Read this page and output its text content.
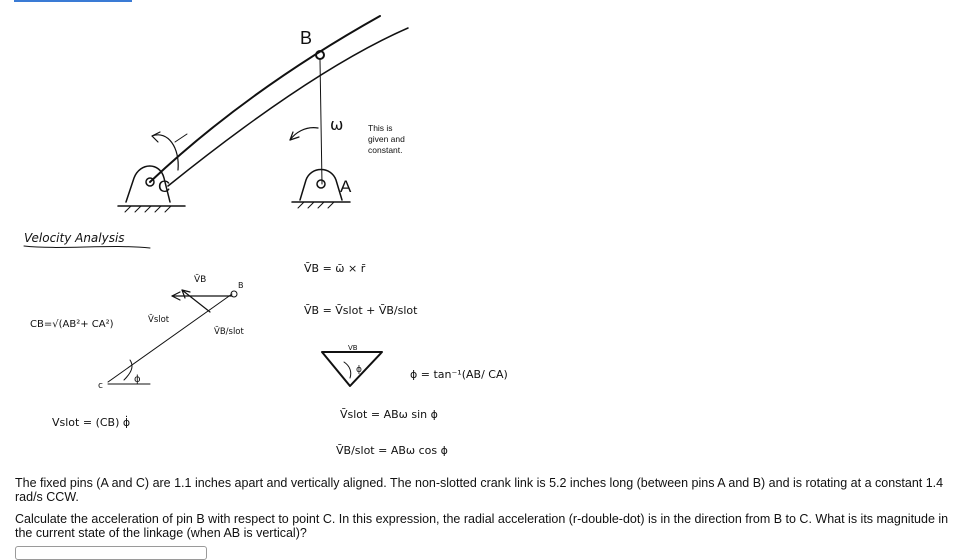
B
A
C
ω	This is
given and
constant.
Velocity Analysis
CB=√(AB²+ CA²)
V̄B
B
V̄slot
V̄B/slot
c
ϕ
V̄B = ω̄ × r̄
V̄B = V̄slot + V̄B/slot
VB
ϕ	ϕ = tan⁻¹(AB/ CA)
Vslot = (CB) ϕ̇
V̄slot = ABω sin ϕ
V̄B/slot = ABω cos ϕ

The fixed pins (A and C) are 1.1 inches apart and vertically aligned. The non-slotted crank link is 5.2 inches long (between pins A and B) and is rotating at a constant 1.4 rad/s CCW.

Calculate the acceleration of pin B with respect to point C. In this expression, the radial acceleration (r-double-dot) is in the direction from B to C. What is its magnitude in the current state of the linkage (when AB is vertical)?
